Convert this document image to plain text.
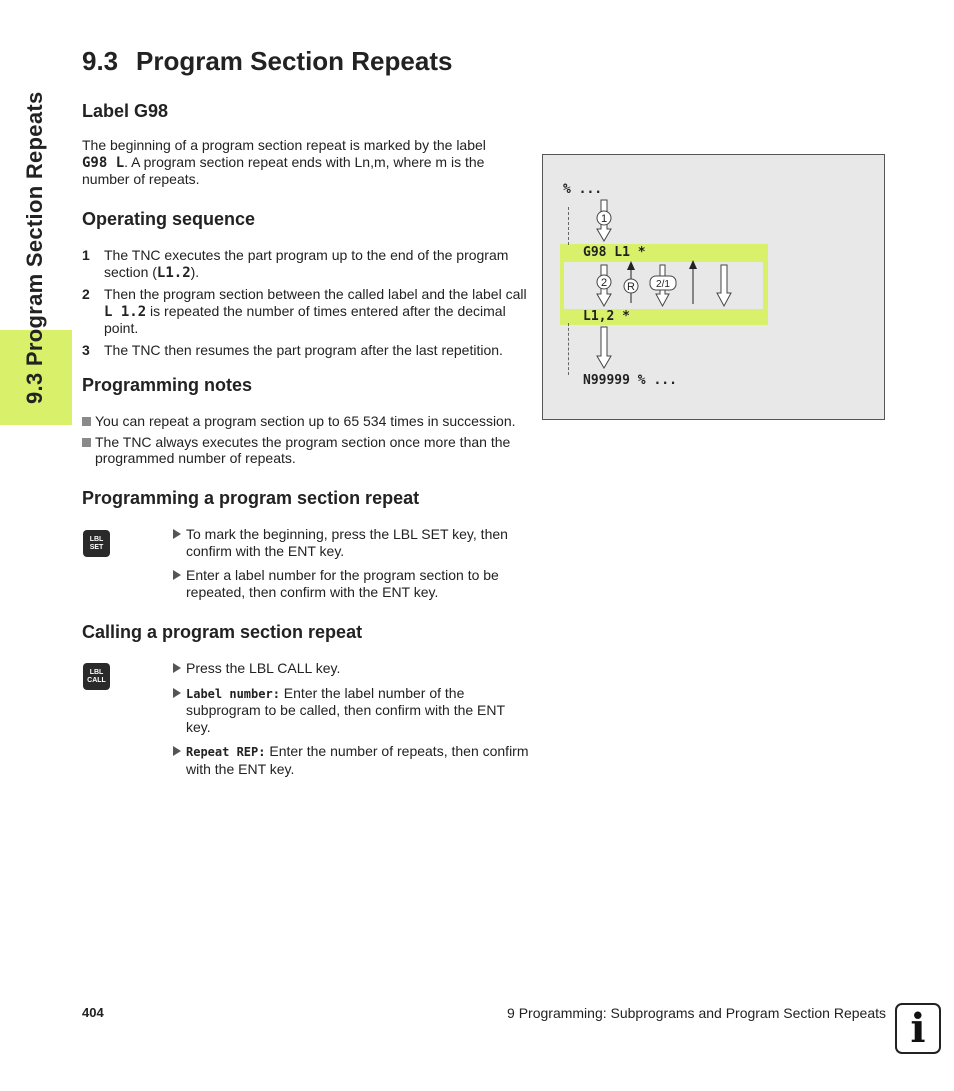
9.3 Program Section Repeats
9.3 Program Section Repeats
Label G98
The beginning of a program section repeat is marked by the label G98 L. A program section repeat ends with Ln,m, where m is the number of repeats.
Operating sequence
1 The TNC executes the part program up to the end of the program section (L1.2).
2 Then the program section between the called label and the label call L 1.2 is repeated the number of times entered after the decimal point.
3 The TNC then resumes the part program after the last repetition.
Programming notes
You can repeat a program section up to 65 534 times in succession.
The TNC always executes the program section once more than the programmed number of repeats.
Programming a program section repeat
LBL
SET
To mark the beginning, press the LBL SET key, then confirm with the ENT key.
Enter a label number for the program section to be repeated, then confirm with the ENT key.
Calling a program section repeat
LBL
CALL
Press the LBL CALL key.
Label number: Enter the label number of the subprogram to be called, then confirm with the ENT key.
Repeat REP: Enter the number of repeats, then confirm with the ENT key.
% ...
G98 L1 *
L1,2 *
N99999 % ...
1
2 R 2/1
404	9 Programming: Subprograms and Program Section Repeats i
